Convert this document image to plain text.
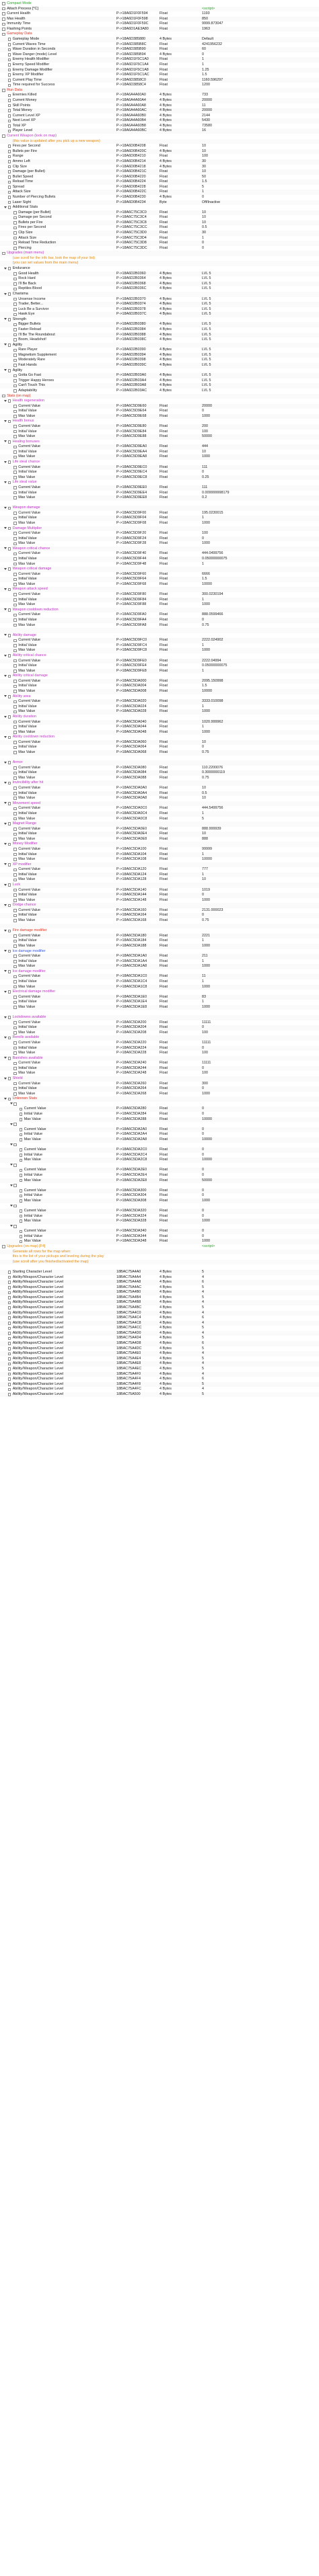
Compact Mode
Attach Process [*C]	<script>
Current Health	P->18A6D1F0F594	Float	1193
Max Health	P->18A6D1F0F598	Float	850
Immunity Time	P->18A6D1F0F59C	Float	9999.873047
Flashing Points	P->18A6D1AE3A80	Float	1963
Gameplay Data
Gameplay Mode	P->18A6D385880	4 Bytes	Default
Current Waves Time	P->18A6D385B8C	Float	4241956232
Wave Duration in Seconds	P->18A6D385B90	Float	60
Wave Danger (mode) Level	P->18A6D385B94	4 Bytes	0
Enemy Health Modifier	P->18A6D1F5C1A0	Float	1
Enemy Speed Modifier	P->18A6D1F5C1A4	Float	1
Enemy Damage Modifier	P->18A6D1F5C1A8	Float	1.25
Enemy XP Modifier	P->18A6D1F5C1AC	Float	1.5
Current Play Time	P->18A6D3858C0	Float	1160.596297
Time required for Success	P->18A6D3858C4	Float	1200
Run Data
Enemies Killed	P->18A6A4A60A0	4 Bytes	733
Current Money	P->18A6A4A60A4	4 Bytes	20000
Skill Points	P->18A6A4A60A8	4 Bytes	11
Total Money	P->18A6A4A60AC	4 Bytes	20000
Current Level XP	P->18A6A4A60B0	4 Bytes	2144
Next Level XP	P->18A6A4A60B4	4 Bytes	5430
Total XP	P->18A6A4A60B8	4 Bytes	73580
Player Level	P->18A6A4A60BC	4 Bytes	16
Current Weapon (look on map)
(this value is updated after you pick up a new weapon)
Fires per Second	P->18A6D0B4208	Float	10
Bullets per Fire	P->18A6D0B420C	4 Bytes	10
Range	P->18A6D0B4210	Float	100
Ammo Left	P->18A6D0B4214	4 Bytes	30
Clip Size	P->18A6D0B4218	4 Bytes	30
Damage (per Bullet)	P->18A6D0B421C	Float	10
Bullet Speed	P->18A6D0B4220	Float	50
Reload Time	P->18A6D0B4224	Float	1.5
Spread	P->18A6D0B4228	Float	5
Attack Size	P->18A6D0B422C	Float	1
Number of Piercing Bullets	P->18A6D0B4230	4 Bytes	0
Laser Sight	P->18A6D0B4234	Byte	Off/Inactive
Additional Stats
Damage (per Bullet)	P->18A6C75C3C0	Float	10
Damage per Second	P->18A6C75C3C4	Float	10
Bullets per Fire	P->18A6C75C3C8	Float	10
Fires per Second	P->18A6C75C3CC	Float	0.5
Clip Size	P->18A6C75C3D0	Float	30
Attack Size	P->18A6C75C3D4	Float	1
Reload Time Reduction	P->18A6C75C3D8	Float	0
Piercing	P->18A6C75C3DC	Float	0
Upgrades (main menu)
(use scroll for the info bar, look the map of your list)
(you can set values from the main menu)
Endurance
Good Health	P->18A6D2B0360	4 Bytes	LVL 5
Rock Hard	P->18A6D2B0364	4 Bytes	LVL 5
I'll Be Back	P->18A6D2B0368	4 Bytes	LVL 5
Reptiles Blood	P->18A6D2B036C	4 Bytes	LVL 5
Charisma
Unsense Income	P->18A6D2B0370	4 Bytes	LVL 5
Trader, Better...	P->18A6D2B0374	4 Bytes	LVL 5
Luck Be a Survivor	P->18A6D2B0378	4 Bytes	LVL 5
Hawk Eye	P->18A6D2B037C	4 Bytes	LVL 5
Strength
Bigger Bullets	P->18A6D2B0380	4 Bytes	LVL 5
Faster Reload	P->18A6D2B0384	4 Bytes	LVL 5
I'll Be The Roundabout	P->18A6D2B0388	4 Bytes	LVL 5
Boom, Headshot!	P->18A6D2B038C	4 Bytes	LVL 5
Agility
Rare Player	P->18A6D2B0390	4 Bytes	LVL 5
Magnetism Supplement	P->18A6D2B0394	4 Bytes	LVL 5
Moderately Rare	P->18A6D2B0398	4 Bytes	LVL 5
Fast Hands	P->18A6D2B039C	4 Bytes	LVL 5
Agility
Gotta Go Fast	P->18A6D2B03A0	4 Bytes	LVL 5
Trigger Happy Heroes	P->18A6D2B03A4	4 Bytes	LVL 5
Can't Touch This	P->18A6D2B03A8	4 Bytes	LVL 5
Adaptability	P->18A6D2B03AC	4 Bytes	LVL 5
Stats (on map)
Health regeneration
Current Value	P->18A6C5D9E60	Float	20000
Initial Value	P->18A6C5D9E64	Float	0
Max Value	P->18A6C5D9E68	Float	1000
Health bonus
Current Value	P->18A6C5D9E80	Float	200
Initial Value	P->18A6C5D9E84	Float	100
Max Value	P->18A6C5D9E88	Float	50000
Healing bonuses
Current Value	P->18A6C5D9EA0	Float	444
Initial Value	P->18A6C5D9EA4	Float	10
Max Value	P->18A6C5D9EA8	Float	1000
Life steal chance
Current Value	P->18A6C5D9EC0	Float	111
Initial Value	P->18A6C5D9EC4	Float	0
Max Value	P->18A6C5D9EC8	Float	0.25
Life steal value
Current Value	P->18A6C5D9EE0	Float	111
Initial Value	P->18A6C5D9EE4	Float	0.009999998179
Max Value	P->18A6C5D9EE8	Float	0.2
Weapon damage
Current Value	P->18A6C5D9F00	Float	195.0230015
Initial Value	P->18A6C5D9F04	Float	1
Max Value	P->18A6C5D9F08	Float	1000
Damage Multiplier
Current Value	P->18A6C5D9F20	Float	100
Initial Value	P->18A6C5D9F24	Float	0
Max Value	P->18A6C5D9F28	Float	1000
Weapon critical chance
Current Value	P->18A6C5D9F40	Float	444.0499756
Initial Value	P->18A6C5D9F44	Float	0.05000000075
Max Value	P->18A6C5D9F48	Float	1
Weapon critical damage
Current Value	P->18A6C5D9F60	Float	6666
Initial Value	P->18A6C5D9F64	Float	1.5
Max Value	P->18A6C5D9F68	Float	10000
Weapon attack speed
Current Value	P->18A6C5D9F80	Float	300.0230194
Initial Value	P->18A6C5D9F84	Float	1
Max Value	P->18A6C5D9F88	Float	1000
Weapon cooldown reduction
Current Value	P->18A6C5D9FA0	Float	888.0599466
Initial Value	P->18A6C5D9FA4	Float	0
Max Value	P->18A6C5D9FA8	Float	0.75
Ability damage
Current Value	P->18A6C5D9FC0	Float	2222.024902
Initial Value	P->18A6C5D9FC4	Float	1
Max Value	P->18A6C5D9FC8	Float	1000
Ability critical chance
Current Value	P->18A6C5D9FE0	Float	2222.04994
Initial Value	P->18A6C5D9FE4	Float	0.05000000075
Max Value	P->18A6C5D9FE8	Float	1
Ability critical damage
Current Value	P->18A6C5DA000	Float	2095.150998
Initial Value	P->18A6C5DA004	Float	1.5
Max Value	P->18A6C5DA008	Float	10000
Ability area
Current Value	P->18A6C5DA020	Float	3333.010098
Initial Value	P->18A6C5DA024	Float	1
Max Value	P->18A6C5DA028	Float	1000
Ability duration
Current Value	P->18A6C5DA040	Float	1020.999962
Initial Value	P->18A6C5DA044	Float	1
Max Value	P->18A6C5DA048	Float	1000
Ability cooldown reduction
Current Value	P->18A6C5DA060	Float	10
Initial Value	P->18A6C5DA064	Float	0
Max Value	P->18A6C5DA068	Float	0.75
Armor
Current Value	P->18A6C5DA080	Float	110.2200076
Initial Value	P->18A6C5DA084	Float	0.3000000119
Max Value	P->18A6C5DA088	Float	0.75
Invincibility after hit
Current Value	P->18A6C5DA0A0	Float	10
Initial Value	P->18A6C5DA0A4	Float	0.5
Max Value	P->18A6C5DA0A8	Float	10
Movement speed
Current Value	P->18A6C5DA0C0	Float	444.5499756
Initial Value	P->18A6C5DA0C4	Float	1
Max Value	P->18A6C5DA0C8	Float	5
Magnet Range
Current Value	P->18A6C5DA0E0	Float	888.999939
Initial Value	P->18A6C5DA0E4	Float	10
Max Value	P->18A6C5DA0E8	Float	888
Money Modifier
Current Value	P->18A6C5DA100	Float	99999
Initial Value	P->18A6C5DA104	Float	1
Max Value	P->18A6C5DA108	Float	10000
XP modifier
Current Value	P->18A6C5DA120	Float	777
Initial Value	P->18A6C5DA124	Float	1
Max Value	P->18A6C5DA128	Float	10
Luck
Current Value	P->18A6C5DA140	Float	1019
Initial Value	P->18A6C5DA144	Float	0
Max Value	P->18A6C5DA148	Float	1000
Dodge chance
Current Value	P->18A6C5DA160	Float	2131.000023
Initial Value	P->18A6C5DA164	Float	0
Max Value	P->18A6C5DA168	Float	0.75
Fire damage modifier
Current Value	P->18A6C5DA180	Float	2221
Initial Value	P->18A6C5DA184	Float	1
Max Value	P->18A6C5DA188	Float	1000
Ice damage modifier
Current Value	P->18A6C5DA1A0	Float	211
Initial Value	P->18A6C5DA1A4	Float	1
Max Value	P->18A6C5DA1A8	Float	1000
Ice damage modifier
Current Value	P->18A6C5DA1C0	Float	11
Initial Value	P->18A6C5DA1C4	Float	1
Max Value	P->18A6C5DA1C8	Float	1000
Electrical damage modifier
Current Value	P->18A6C5DA1E0	Float	83
Initial Value	P->18A6C5DA1E4	Float	1
Max Value	P->18A6C5DA1E8	Float	1000
Lockdowns available
Current Value	P->18A6C5DA200	Float	11111
Initial Value	P->18A6C5DA204	Float	0
Max Value	P->18A6C5DA208	Float	100
Rerolls available
Current Value	P->18A6C5DA220	Float	11111
Initial Value	P->18A6C5DA224	Float	0
Max Value	P->18A6C5DA228	Float	100
Banishes available
Current Value	P->18A6C5DA240	Float	11111
Initial Value	P->18A6C5DA244	Float	0
Max Value	P->18A6C5DA248	Float	100
Shield
Current Value	P->18A6C5DA260	Float	300
Initial Value	P->18A6C5DA264	Float	0
Max Value	P->18A6C5DA268	Float	1000
Unknown Stats
Current Value	P->18A6C5DA280	Float	0
Initial Value	P->18A6C5DA284	Float	0
Max Value	P->18A6C5DA288	Float	10000
Current Value	P->18A6C5DA2A0	Float	0
Initial Value	P->18A6C5DA2A4	Float	0
Max Value	P->18A6C5DA2A8	Float	10000
Current Value	P->18A6C5DA2C0	Float	0
Initial Value	P->18A6C5DA2C4	Float	0
Max Value	P->18A6C5DA2C8	Float	10000
Current Value	P->18A6C5DA2E0	Float	0
Initial Value	P->18A6C5DA2E4	Float	0
Max Value	P->18A6C5DA2E8	Float	50000
Current Value	P->18A6C5DA300	Float	0
Initial Value	P->18A6C5DA304	Float	0
Max Value	P->18A6C5DA308	Float	1000
Current Value	P->18A6C5DA320	Float	0
Initial Value	P->18A6C5DA324	Float	0
Max Value	P->18A6C5DA328	Float	1000
Current Value	P->18A6C5DA340	Float	0
Initial Value	P->18A6C5DA344	Float	0
Max Value	P->18A6C5DA348	Float	1000
Upgrades (on map) [F4]	<script>
Generate all rows for the map when:
this is the list of your pickups and leveling during the play
(use scroll after you finished/activated the map)
Starting Character Level	18BAC75A4A0	4 Bytes	5
Ability/Weapon/Character Level	18BAC75A4A4	4 Bytes	4
Ability/Weapon/Character Level	18BAC75A4A8	4 Bytes	6
Ability/Weapon/Character Level	18BAC75A4AC	4 Bytes	5
Ability/Weapon/Character Level	18BAC75A4B0	4 Bytes	4
Ability/Weapon/Character Level	18BAC75A4B4	4 Bytes	5
Ability/Weapon/Character Level	18BAC75A4B8	4 Bytes	4
Ability/Weapon/Character Level	18BAC75A4BC	4 Bytes	5
Ability/Weapon/Character Level	18BAC75A4C0	4 Bytes	4
Ability/Weapon/Character Level	18BAC75A4C4	4 Bytes	6
Ability/Weapon/Character Level	18BAC75A4C8	4 Bytes	4
Ability/Weapon/Character Level	18BAC75A4CC	4 Bytes	5
Ability/Weapon/Character Level	18BAC75A4D0	4 Bytes	4
Ability/Weapon/Character Level	18BAC75A4D4	4 Bytes	5
Ability/Weapon/Character Level	18BAC75A4D8	4 Bytes	6
Ability/Weapon/Character Level	18BAC75A4DC	4 Bytes	5
Ability/Weapon/Character Level	18BAC75A4E0	4 Bytes	4
Ability/Weapon/Character Level	18BAC75A4E4	4 Bytes	5
Ability/Weapon/Character Level	18BAC75A4E8	4 Bytes	4
Ability/Weapon/Character Level	18BAC75A4EC	4 Bytes	5
Ability/Weapon/Character Level	18BAC75A4F0	4 Bytes	4
Ability/Weapon/Character Level	18BAC75A4F4	4 Bytes	6
Ability/Weapon/Character Level	18BAC75A4F8	4 Bytes	5
Ability/Weapon/Character Level	18BAC75A4FC	4 Bytes	4
Ability/Weapon/Character Level	18BAC75A500	4 Bytes	5
